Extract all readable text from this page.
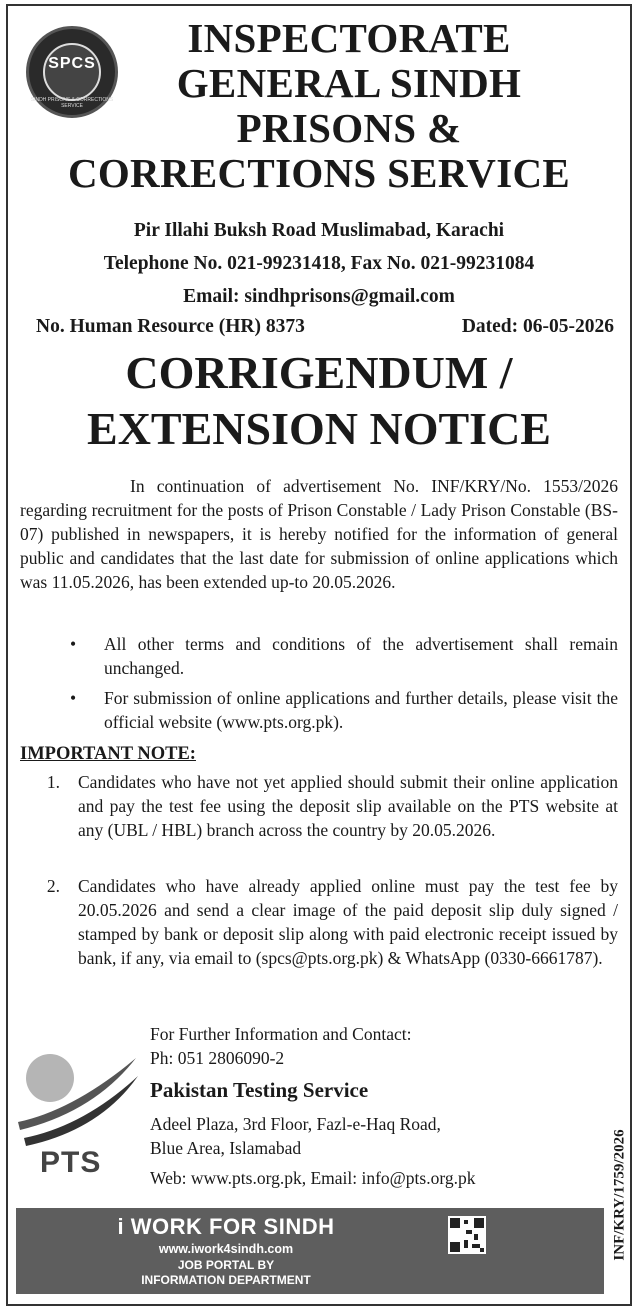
SPCS
SINDH PRISONS & CORRECTIONS SERVICE
INSPECTORATE
GENERAL SINDH
PRISONS &
CORRECTIONS SERVICE
Pir Illahi Buksh Road Muslimabad, Karachi
Telephone No. 021-99231418, Fax No. 021-99231084
Email: sindhprisons@gmail.com
No. Human Resource (HR) 8373	Dated: 06-05-2026
CORRIGENDUM /
EXTENSION NOTICE
In continuation of advertisement No. INF/KRY/No. 1553/2026 regarding recruitment for the posts of Prison Constable / Lady Prison Constable (BS-07) published in newspapers, it is hereby notified for the information of general public and candidates that the last date for submission of online applications which was 11.05.2026, has been extended up-to 20.05.2026.
• All other terms and conditions of the advertisement shall remain unchanged.
• For submission of online applications and further details, please visit the official website (www.pts.org.pk).
IMPORTANT NOTE:
1. Candidates who have not yet applied should submit their online application and pay the test fee using the deposit slip available on the PTS website at any (UBL / HBL) branch across the country by 20.05.2026.
2. Candidates who have already applied online must pay the test fee by 20.05.2026 and send a clear image of the paid deposit slip duly signed / stamped by bank or deposit slip along with paid electronic receipt issued by bank, if any, via email to (spcs@pts.org.pk) & WhatsApp (0330-6661787).
PTS
For Further Information and Contact:
Ph: 051 2806090-2
Pakistan Testing Service
Adeel Plaza, 3rd Floor, Fazl-e-Haq Road,
Blue Area, Islamabad
Web: www.pts.org.pk, Email: info@pts.org.pk	INF/KRY/1759/2026
i WORK FOR SINDH
www.iwork4sindh.com
JOB PORTAL BY
INFORMATION DEPARTMENT
